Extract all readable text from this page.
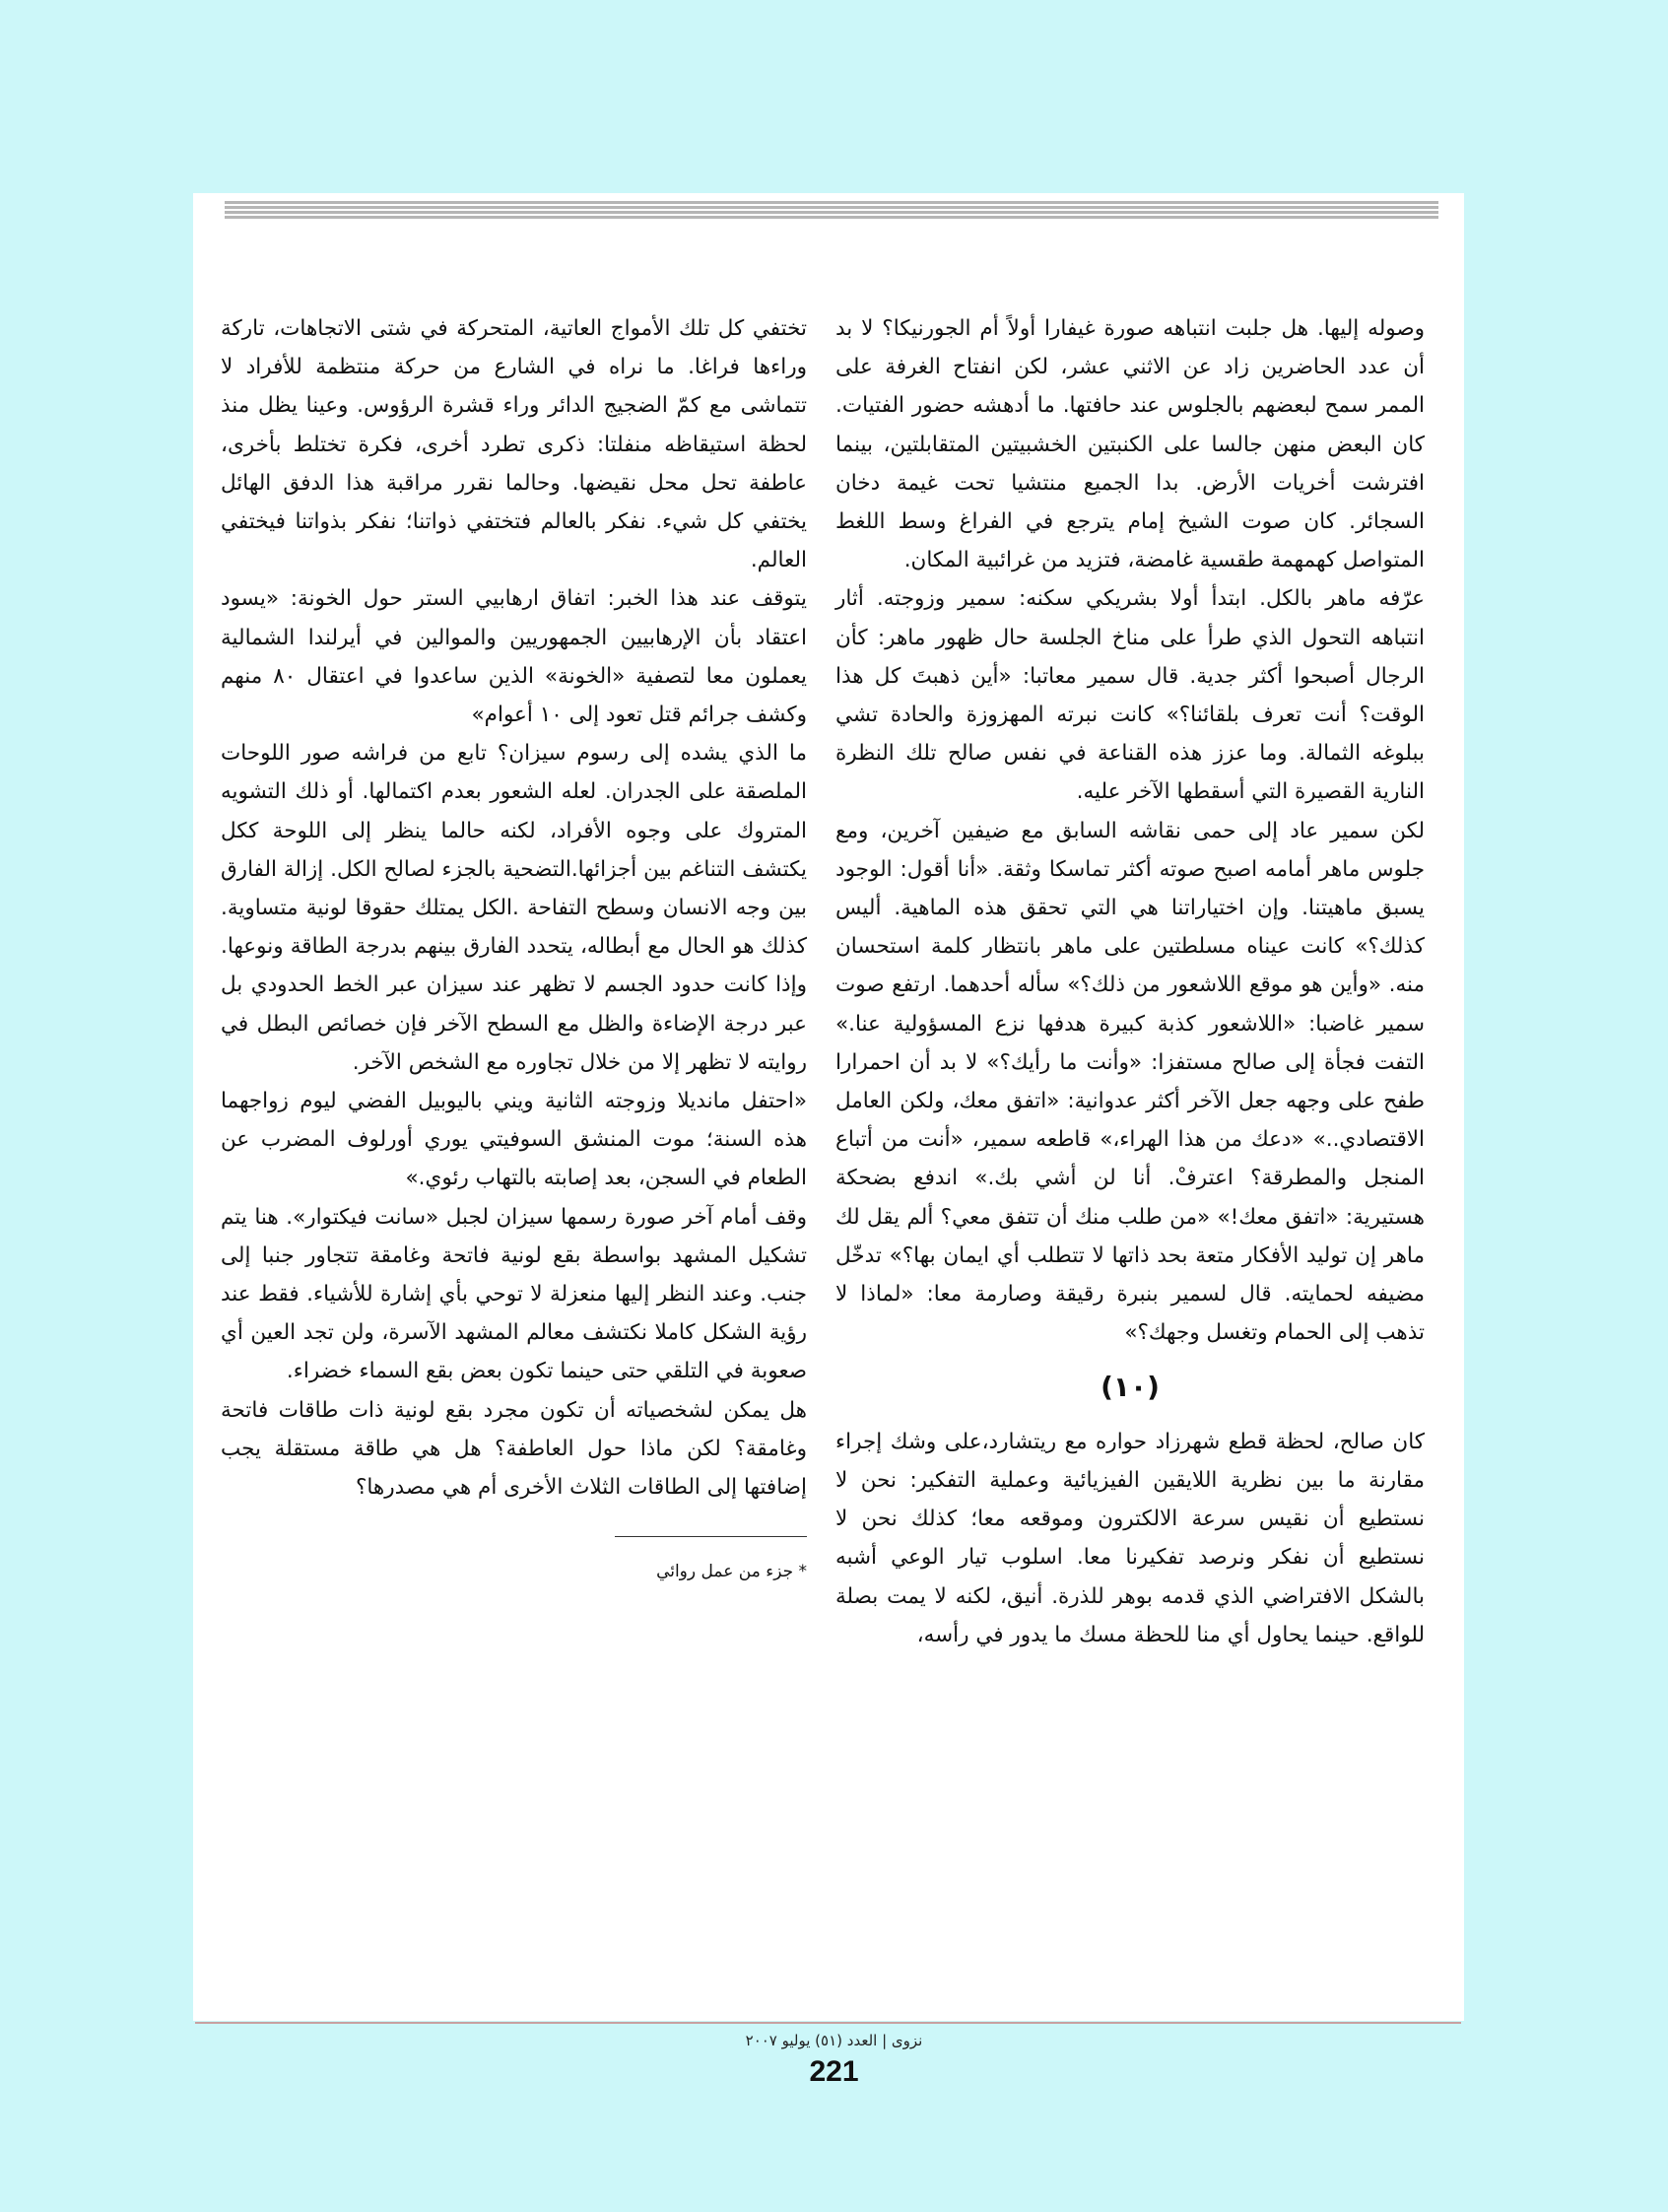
وصوله إليها. هل جلبت انتباهه صورة غيفارا أولاً أم الجورنيكا؟ لا بد أن عدد الحاضرين زاد عن الاثني عشر، لكن انفتاح الغرفة على الممر سمح لبعضهم بالجلوس عند حافتها. ما أدهشه حضور الفتيات. كان البعض منهن جالسا على الكنبتين الخشبيتين المتقابلتين، بينما افترشت أخريات الأرض. بدا الجميع منتشيا تحت غيمة دخان السجائر. كان صوت الشيخ إمام يترجع في الفراغ وسط اللغط المتواصل كهمهمة طقسية غامضة، فتزيد من غرائبية المكان.

عرّفه ماهر بالكل. ابتدأ أولا بشريكي سكنه: سمير وزوجته. أثار انتباهه التحول الذي طرأ على مناخ الجلسة حال ظهور ماهر: كأن الرجال أصبحوا أكثر جدية. قال سمير معاتبا: «أين ذهبتَ كل هذا الوقت؟ أنت تعرف بلقائنا؟» كانت نبرته المهزوزة والحادة تشي ببلوغه الثمالة. وما عزز هذه القناعة في نفس صالح تلك النظرة النارية القصيرة التي أسقطها الآخر عليه.

لكن سمير عاد إلى حمى نقاشه السابق مع ضيفين آخرين، ومع جلوس ماهر أمامه اصبح صوته أكثر تماسكا وثقة. «أنا أقول: الوجود يسبق ماهيتنا. وإن اختياراتنا هي التي تحقق هذه الماهية. أليس كذلك؟» كانت عيناه مسلطتين على ماهر بانتظار كلمة استحسان منه. «وأين هو موقع اللاشعور من ذلك؟» سأله أحدهما. ارتفع صوت سمير غاضبا: «اللاشعور كذبة كبيرة هدفها نزع المسؤولية عنا.» التفت فجأة إلى صالح مستفزا: «وأنت ما رأيك؟» لا بد أن احمرارا طفح على وجهه جعل الآخر أكثر عدوانية: «اتفق معك، ولكن العامل الاقتصادي..» «دعك من هذا الهراء،» قاطعه سمير، «أنت من أتباع المنجل والمطرقة؟ اعترفْ. أنا لن أشي بك.» اندفع بضحكة هستيرية: «اتفق معك!» «من طلب منك أن تتفق معي؟ ألم يقل لك ماهر إن توليد الأفكار متعة بحد ذاتها لا تتطلب أي ايمان بها؟» تدخّل مضيفه لحمايته. قال لسمير بنبرة رقيقة وصارمة معا: «لماذا لا تذهب إلى الحمام وتغسل وجهك؟»

(١٠)

كان صالح، لحظة قطع شهرزاد حواره مع ريتشارد،على وشك إجراء مقارنة ما بين نظرية اللايقين الفيزيائية وعملية التفكير: نحن لا نستطيع أن نقيس سرعة الالكترون وموقعه معا؛ كذلك نحن لا نستطيع أن نفكر ونرصد تفكيرنا معا. اسلوب تيار الوعي أشبه بالشكل الافتراضي الذي قدمه بوهر للذرة. أنيق، لكنه لا يمت بصلة للواقع. حينما يحاول أي منا للحظة مسك ما يدور في رأسه،

تختفي كل تلك الأمواج العاتية، المتحركة في شتى الاتجاهات، تاركة وراءها فراغا. ما نراه في الشارع من حركة منتظمة للأفراد لا تتماشى مع كمّ الضجيج الدائر وراء قشرة الرؤوس. وعينا يظل منذ لحظة استيقاظه منفلتا: ذكرى تطرد أخرى، فكرة تختلط بأخرى، عاطفة تحل محل نقيضها. وحالما نقرر مراقبة هذا الدفق الهائل يختفي كل شيء. نفكر بالعالم فتختفي ذواتنا؛ نفكر بذواتنا فيختفي العالم.

يتوقف عند هذا الخبر: اتفاق ارهابيي الستر حول الخونة: «يسود اعتقاد بأن الإرهابيين الجمهوريين والموالين في أيرلندا الشمالية يعملون معا لتصفية «الخونة» الذين ساعدوا في اعتقال ٨٠ منهم وكشف جرائم قتل تعود إلى ١٠ أعوام»

ما الذي يشده إلى رسوم سيزان؟ تابع من فراشه صور اللوحات الملصقة على الجدران. لعله الشعور بعدم اكتمالها. أو ذلك التشويه المتروك على وجوه الأفراد، لكنه حالما ينظر إلى اللوحة ككل يكتشف التناغم بين أجزائها.التضحية بالجزء لصالح الكل. إزالة الفارق بين وجه الانسان وسطح التفاحة .الكل يمتلك حقوقا لونية متساوية. كذلك هو الحال مع أبطاله، يتحدد الفارق بينهم بدرجة الطاقة ونوعها. وإذا كانت حدود الجسم لا تظهر عند سيزان عبر الخط الحدودي بل عبر درجة الإضاءة والظل مع السطح الآخر فإن خصائص البطل في روايته لا تظهر إلا من خلال تجاوره مع الشخص الآخر.

«احتفل مانديلا وزوجته الثانية ويني باليوبيل الفضي ليوم زواجهما هذه السنة؛ موت المنشق السوفيتي يوري أورلوف المضرب عن الطعام في السجن، بعد إصابته بالتهاب رئوي.»

وقف أمام آخر صورة رسمها سيزان لجبل «سانت فيكتوار». هنا يتم تشكيل المشهد بواسطة بقع لونية فاتحة وغامقة تتجاور جنبا إلى جنب. وعند النظر إليها منعزلة لا توحي بأي إشارة للأشياء. فقط عند رؤية الشكل كاملا نكتشف معالم المشهد الآسرة، ولن تجد العين أي صعوبة في التلقي حتى حينما تكون بعض بقع السماء خضراء.

هل يمكن لشخصياته أن تكون مجرد بقع لونية ذات طاقات فاتحة وغامقة؟ لكن ماذا حول العاطفة؟ هل هي طاقة مستقلة يجب إضافتها إلى الطاقات الثلاث الأخرى أم هي مصدرها؟

* جزء من عمل روائي
نزوى | العدد (٥١) يوليو ٢٠٠٧
221
